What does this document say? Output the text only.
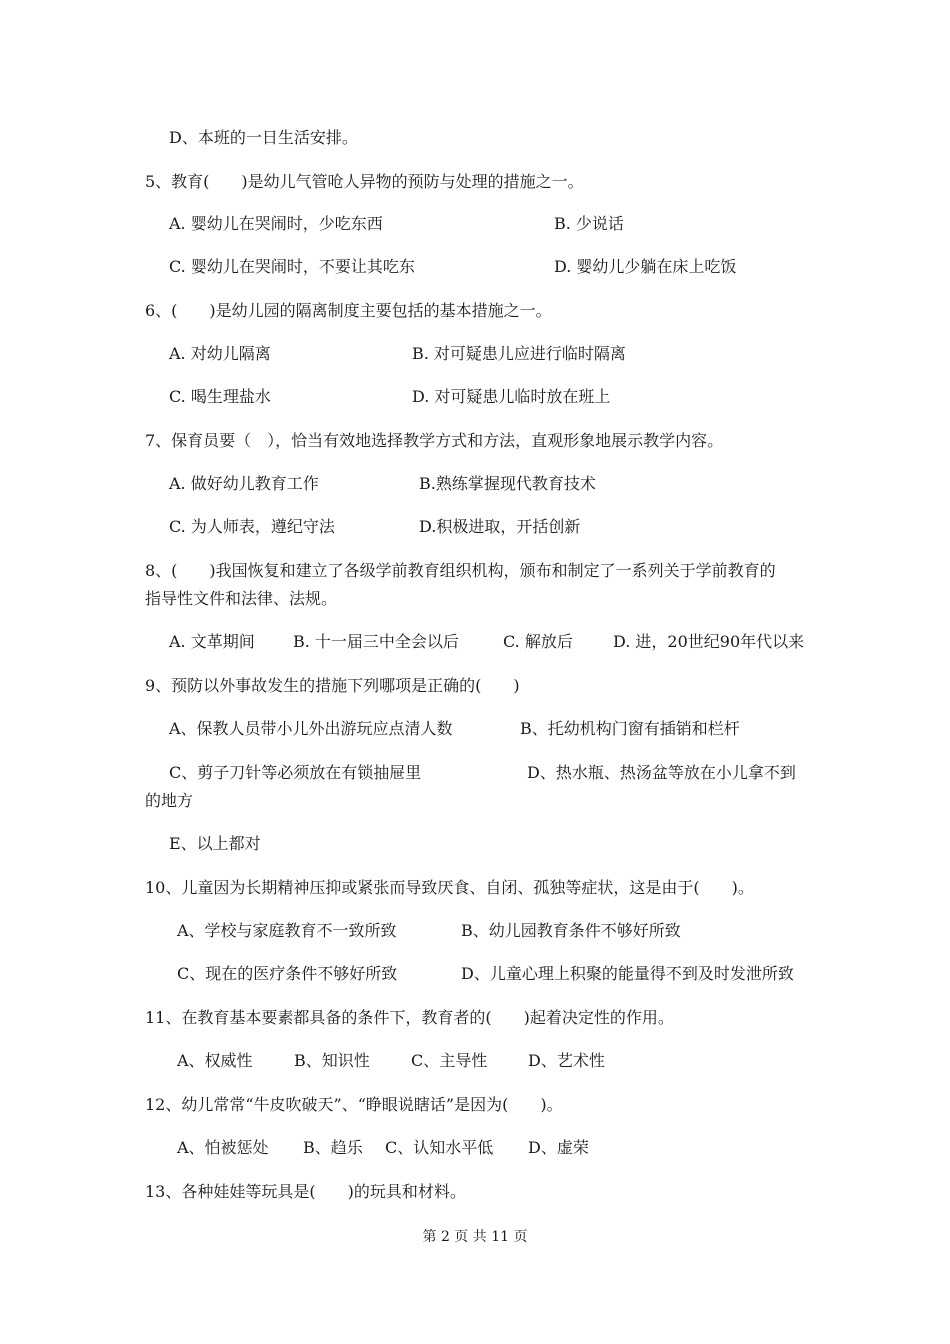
D、本班的一日生活安排。
5、教育(　　)是幼儿气管呛人异物的预防与处理的措施之一。
A. 婴幼儿在哭闹时，少吃东西	B. 少说话
C. 婴幼儿在哭闹时，不要让其吃东	D. 婴幼儿少躺在床上吃饭
6、(　　)是幼儿园的隔离制度主要包括的基本措施之一。
A. 对幼儿隔离	B. 对可疑患儿应进行临时隔离
C. 喝生理盐水	D. 对可疑患儿临时放在班上
7、保育员要（　），恰当有效地选择教学方式和方法，直观形象地展示教学内容。
A. 做好幼儿教育工作	B.熟练掌握现代教育技术
C. 为人师表，遵纪守法	D.积极进取，开括创新
8、(　　)我国恢复和建立了各级学前教育组织机构，颁布和制定了一系列关于学前教育的
指导性文件和法律、法规。
A. 文革期间 B. 十一届三中全会以后	C. 解放后	D. 进，20世纪90年代以来
9、预防以外事故发生的措施下列哪项是正确的(　　)
A、保教人员带小儿外出游玩应点清人数	B、托幼机构门窗有插销和栏杆
C、剪子刀针等必须放在有锁抽屉里	D、热水瓶、热汤盆等放在小儿拿不到
的地方
E、以上都对
10、儿童因为长期精神压抑或紧张而导致厌食、自闭、孤独等症状，这是由于(　　)。
A、学校与家庭教育不一致所致	B、幼儿园教育条件不够好所致
C、现在的医疗条件不够好所致	D、儿童心理上积聚的能量得不到及时发泄所致
11、在教育基本要素都具备的条件下，教育者的(　　)起着决定性的作用。
A、权威性	B、知识性	C、主导性	D、艺术性
12、幼儿常常“牛皮吹破天”、“睁眼说瞎话”是因为(　　)。
A、怕被惩处 B、趋乐 C、认知水平低 D、虚荣
13、各种娃娃等玩具是(　　)的玩具和材料。
第 2 页 共 11 页
